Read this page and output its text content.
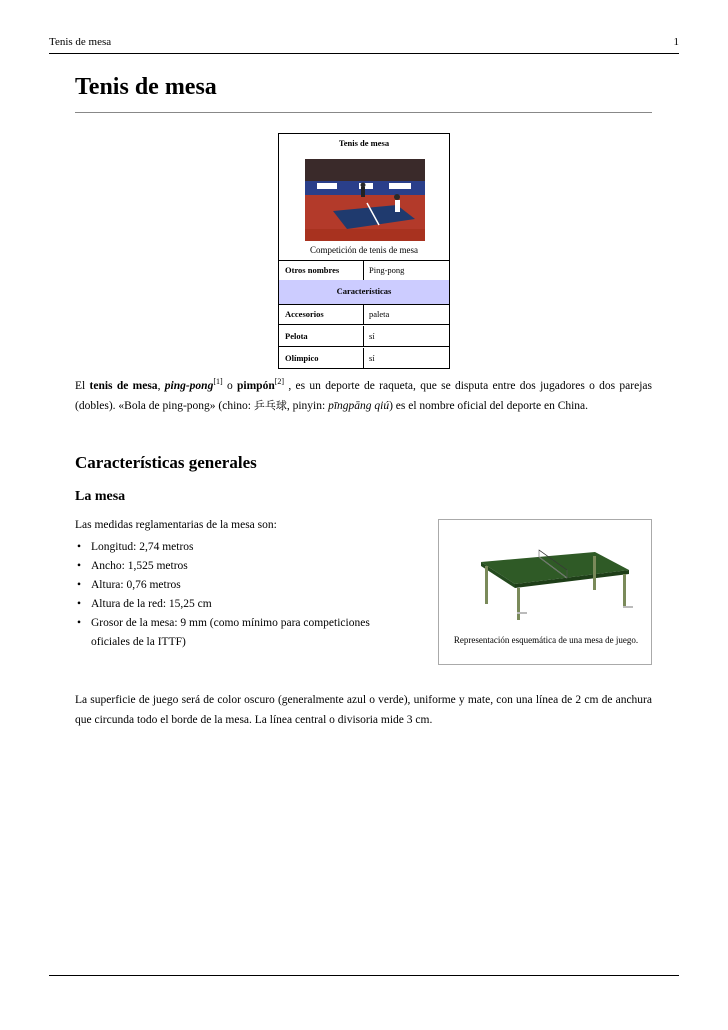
Tenis de mesa	1
Tenis de mesa
Tenis de mesa
Competición de tenis de mesa
Otros nombres	Ping-pong
Características
Accesorios	paleta
Pelota	sí
Olímpico	sí

El tenis de mesa, ping-pong[1] o pimpón[2] , es un deporte de raqueta, que se disputa entre dos jugadores o dos parejas (dobles). «Bola de ping-pong» (chino: 乒乓球, pinyin: pīngpāng qiú) es el nombre oficial del deporte en China.

Características generales
La mesa
Las medidas reglamentarias de la mesa son:
• Longitud: 2,74 metros
• Ancho: 1,525 metros
• Altura: 0,76 metros
• Altura de la red: 15,25 cm
• Grosor de la mesa: 9 mm (como mínimo para competiciones oficiales de la ITTF)	Representación esquemática de una mesa de juego.

La superficie de juego será de color oscuro (generalmente azul o verde), uniforme y mate, con una línea de 2 cm de anchura que circunda todo el borde de la mesa. La línea central o divisoria mide 3 cm.
